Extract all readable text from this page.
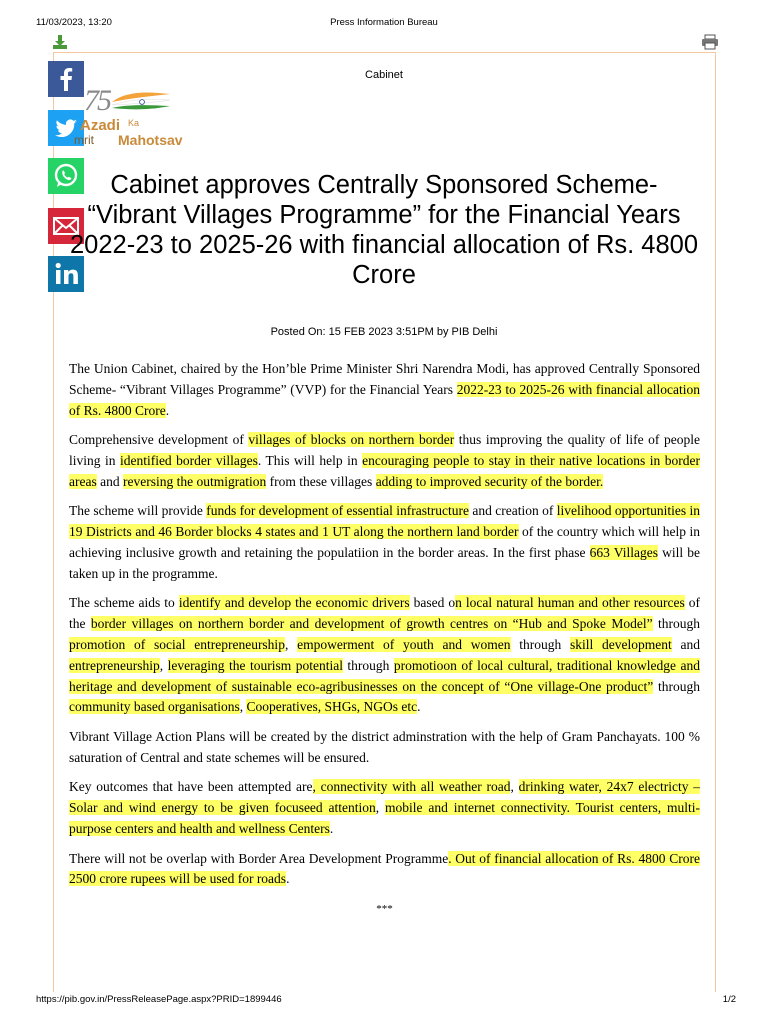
11/03/2023, 13:20	Press Information Bureau
75
Azadi Ka
mrit Mahotsav
Cabinet
Cabinet approves Centrally Sponsored Scheme- “Vibrant Villages Programme” for the Financial Years 2022-23 to 2025-26 with financial allocation of Rs. 4800 Crore
Posted On: 15 FEB 2023 3:51PM by PIB Delhi

The Union Cabinet, chaired by the Hon’ble Prime Minister Shri Narendra Modi, has approved Centrally Sponsored Scheme- “Vibrant Villages Programme” (VVP) for the Financial Years 2022-23 to 2025-26 with financial allocation of Rs. 4800 Crore.

Comprehensive development of villages of blocks on northern border thus improving the quality of life of people living in identified border villages. This will help in encouraging people to stay in their native locations in border areas and reversing the outmigration from these villages adding to improved security of the border.

The scheme will provide funds for development of essential infrastructure and creation of livelihood opportunities in 19 Districts and 46 Border blocks 4 states and 1 UT along the northern land border of the country which will help in achieving inclusive growth and retaining the populatiion in the border areas. In the first phase 663 Villages will be taken up in the programme.

The scheme aids to identify and develop the economic drivers based on local natural human and other resources of the border villages on northern border and development of growth centres on “Hub and Spoke Model” through promotion of social entrepreneurship, empowerment of youth and women through skill development and entrepreneurship, leveraging the tourism potential through promotioon of local cultural, traditional knowledge and heritage and development of sustainable eco-agribusinesses on the concept of “One village-One product” through community based organisations, Cooperatives, SHGs, NGOs etc.

Vibrant Village Action Plans will be created by the district adminstration with the help of Gram Panchayats. 100 % saturation of Central and state schemes will be ensured.

Key outcomes that have been attempted are, connectivity with all weather road, drinking water, 24x7 electricty – Solar and wind energy to be given focuseed attention, mobile and internet connectivity. Tourist centers, multi-purpose centers and health and wellness Centers.

There will not be overlap with Border Area Development Programme. Out of financial allocation of Rs. 4800 Crore 2500 crore rupees will be used for roads.

***
https://pib.gov.in/PressReleasePage.aspx?PRID=1899446	1/2
